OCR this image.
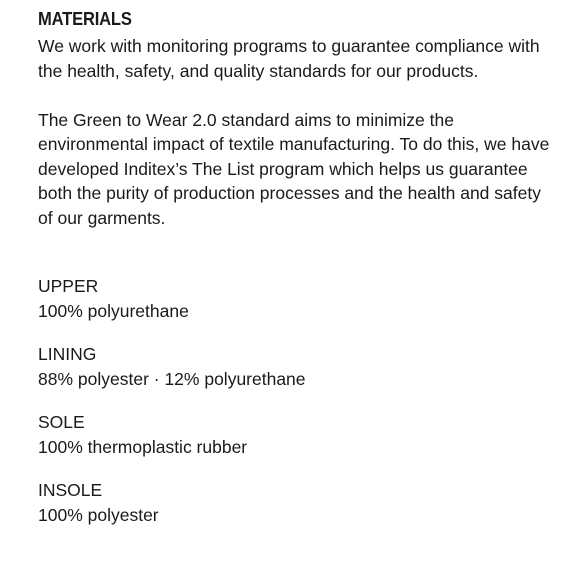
MATERIALS

We work with monitoring programs to guarantee compliance with the health, safety, and quality standards for our products.

The Green to Wear 2.0 standard aims to minimize the environmental impact of textile manufacturing. To do this, we have developed Inditex’s The List program which helps us guarantee both the purity of production processes and the health and safety of our garments.

UPPER
100% polyurethane
LINING
88% polyester · 12% polyurethane
SOLE
100% thermoplastic rubber
INSOLE
100% polyester
